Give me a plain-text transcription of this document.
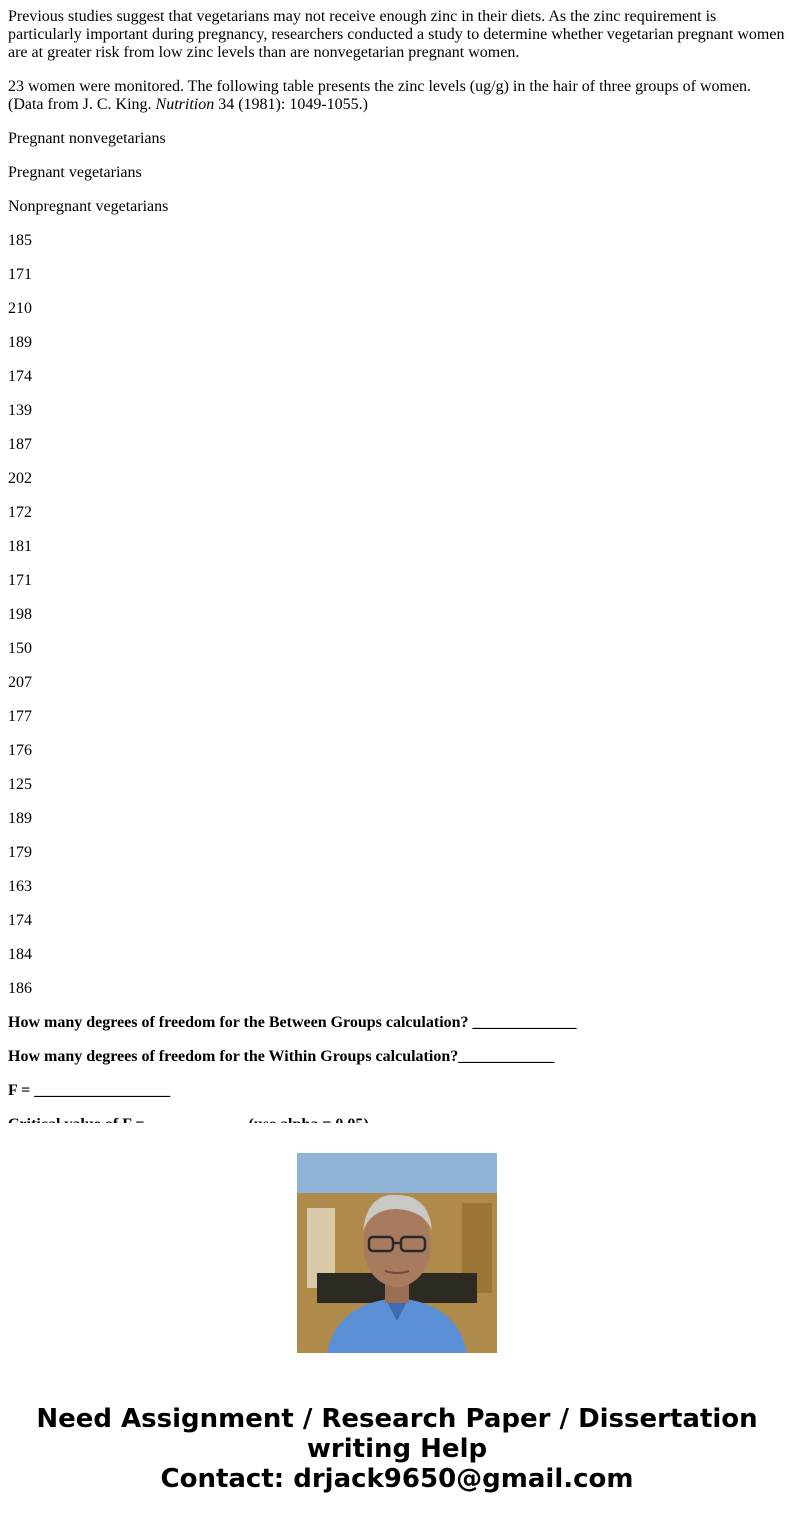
Previous studies suggest that vegetarians may not receive enough zinc in their diets. As the zinc requirement is particularly important during pregnancy, researchers conducted a study to determine whether vegetarian pregnant women are at greater risk from low zinc levels than are nonvegetarian pregnant women.

23 women were monitored. The following table presents the zinc levels (ug/g) in the hair of three groups of women. (Data from J. C. King. Nutrition 34 (1981): 1049-1055.)

Pregnant nonvegetarians

Pregnant vegetarians

Nonpregnant vegetarians

185

171

210

189

174

139

187

202

172

181

171

198

150

207

177

176

125

189

179

163

174

184

186

How many degrees of freedom for the Between Groups calculation? _____________

How many degrees of freedom for the Within Groups calculation?____________

F = _________________

Need Assignment / Research Paper / Dissertation
writing Help
Contact: drjack9650@gmail.com
